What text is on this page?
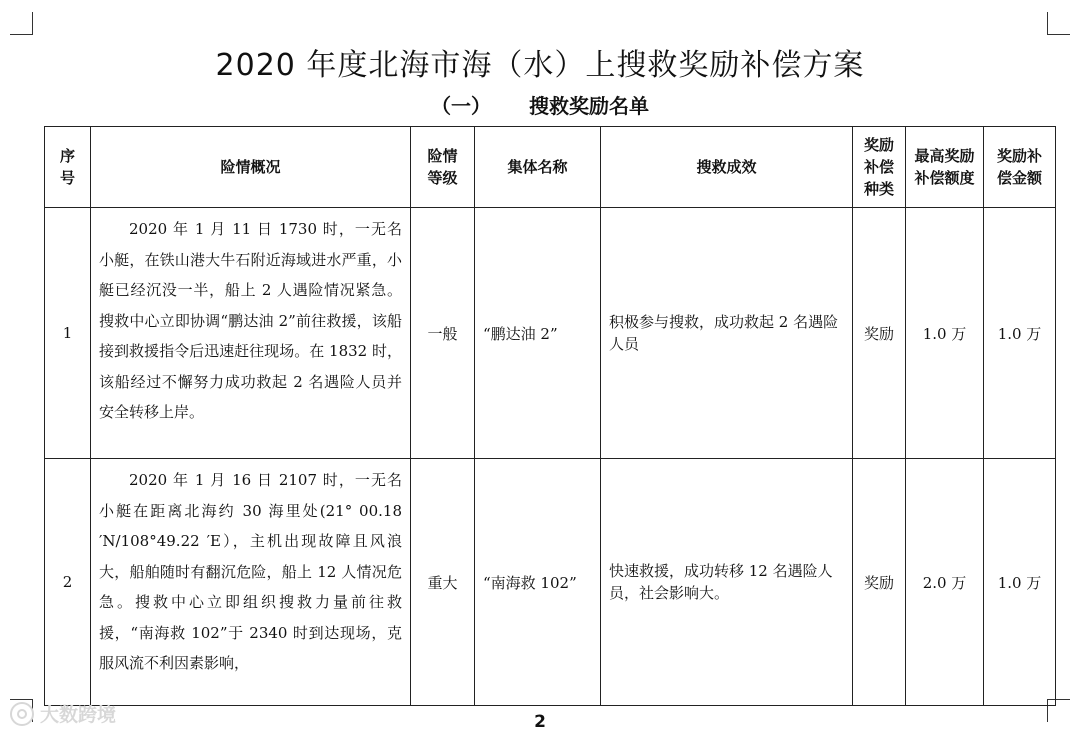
2020 年度北海市海（水）上搜救奖励补偿方案
（一） 搜救奖励名单
序号	险情概况	险情等级	集体名称	搜救成效	奖励补偿种类	最高奖励补偿额度	奖励补偿金额

1	2020 年 1 月 11 日 1730 时，一无名小艇，在铁山港大牛石附近海域进水严重，小艇已经沉没一半，船上 2 人遇险情况紧急。搜救中心立即协调“鹏达油 2”前往救援，该船接到救援指令后迅速赶往现场。在 1832 时，该船经过不懈努力成功救起 2 名遇险人员并安全转移上岸。	一般	“鹏达油 2”	积极参与搜救，成功救起 2 名遇险人员	奖励	1.0 万	1.0 万
2	2020 年 1 月 16 日 2107 时，一无名小艇在距离北海约 30 海里处(21° 00.18 ′N/108°49.22 ′E），主机出现故障且风浪大，船舶随时有翻沉危险，船上 12 人情况危急。搜救中心立即组织搜救力量前往救援，“南海救 102”于 2340 时到达现场，克服风流不利因素影响，	重大	“南海救 102”	快速救援，成功转移 12 名遇险人员，社会影响大。	奖励	2.0 万	1.0 万
大数跨境	2
